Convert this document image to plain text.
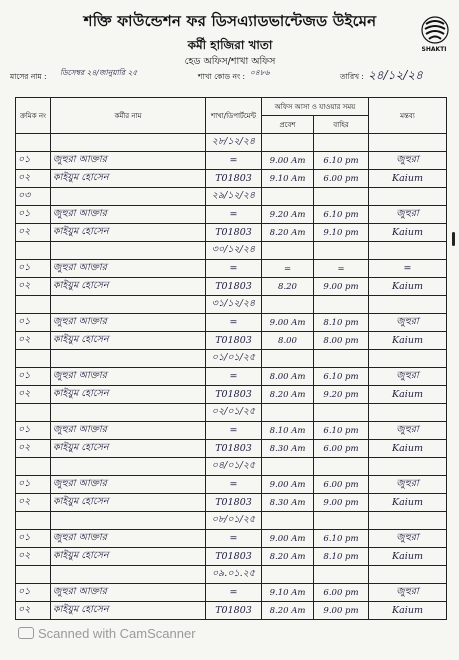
শক্তি ফাউন্ডেশন ফর ডিসএ্যাডভান্টেজড উইমেন
কর্মী হাজিরা খাতা
হেড অফিস/শাখা অফিস
SHAKTI
মাসের নাম : ডিসেম্বর ২৪/জানুয়ারি ২৫	শাখা কোড নং : ০৪৮৬	তারিখ : ২৪/১২/২৪
ক্রমিক নং	কর্মীর নাম	শাখা/ডিপার্টমেন্ট	অফিস আসা ও যাওয়ার সময়		মন্তব্য
			প্রবেশ	বাহির	
		২৮/১২/২৪			
০১	জুহুরা আক্তার	=	9.00 Am	6.10 pm	জুহুরা
০২	কাইয়ুম হোসেন	T01803	9.10 Am	6.00 pm	Kaium
০৩		২৯/১২/২৪			
০১	জুহুরা আক্তার	=	9.20 Am	6.10 pm	জুহুরা
০২	কাইয়ুম হোসেন	T01803	8.20 Am	9.10 pm	Kaium
		৩০/১২/২৪			
০১	জুহুরা আক্তার	=	=	=	=
০২	কাইয়ুম হোসেন	T01803	8.20	9.00 pm	Kaium
		৩১/১২/২৪			
০১	জুহুরা আক্তার	=	9.00 Am	8.10 pm	জুহুরা
০২	কাইয়ুম হোসেন	T01803	8.00	8.00 pm	Kaium
		০১/০১/২৫			
০১	জুহুরা আক্তার	=	8.00 Am	6.10 pm	জুহুরা
০২	কাইয়ুম হোসেন	T01803	8.20 Am	9.20 pm	Kaium
		০২/০১/২৫			
০১	জুহুরা আক্তার	=	8.10 Am	6.10 pm	জুহুরা
০২	কাইয়ুম হোসেন	T01803	8.30 Am	6.00 pm	Kaium
		০৪/০১/২৫			
০১	জুহুরা আক্তার	=	9.00 Am	6.00 pm	জুহুরা
০২	কাইয়ুম হোসেন	T01803	8.30 Am	9.00 pm	Kaium
		০৮/০১/২৫			
০১	জুহুরা আক্তার	=	9.00 Am	6.10 pm	জুহুরা
০২	কাইয়ুম হোসেন	T01803	8.20 Am	8.10 pm	Kaium
		০৯.০১.২৫			
০১	জুহুরা আক্তার	=	9.10 Am	6.00 pm	জুহুরা
০২	কাইয়ুম হোসেন	T01803	8.20 Am	9.00 pm	Kaium
Scanned with CamScanner
